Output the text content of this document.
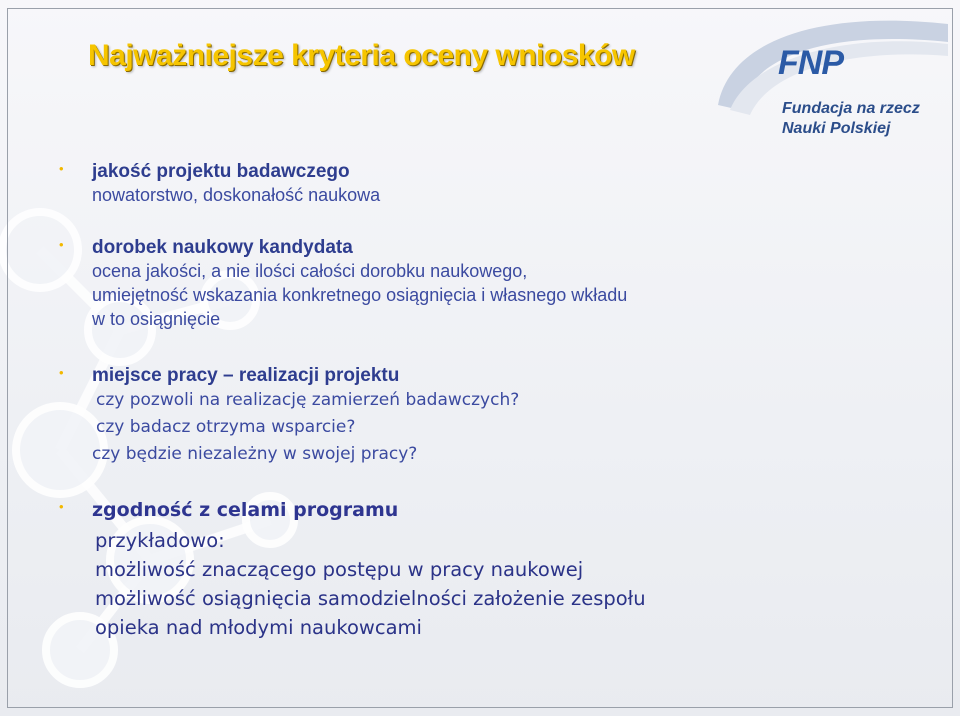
Najważniejsze kryteria oceny wniosków	FNP
Fundacja na rzecz
Nauki Polskiej
• jakość projektu badawczego
nowatorstwo, doskonałość naukowa
• dorobek naukowy kandydata
ocena jakości, a nie ilości całości dorobku naukowego,
umiejętność wskazania konkretnego osiągnięcia i własnego wkładu
w to osiągnięcie
• miejsce pracy – realizacji projektu
czy pozwoli na realizację zamierzeń badawczych?
czy badacz otrzyma wsparcie?
czy będzie niezależny w swojej pracy?
• zgodność z celami programu
przykładowo:
możliwość znaczącego postępu w pracy naukowej
możliwość osiągnięcia samodzielności założenie zespołu
opieka nad młodymi naukowcami
